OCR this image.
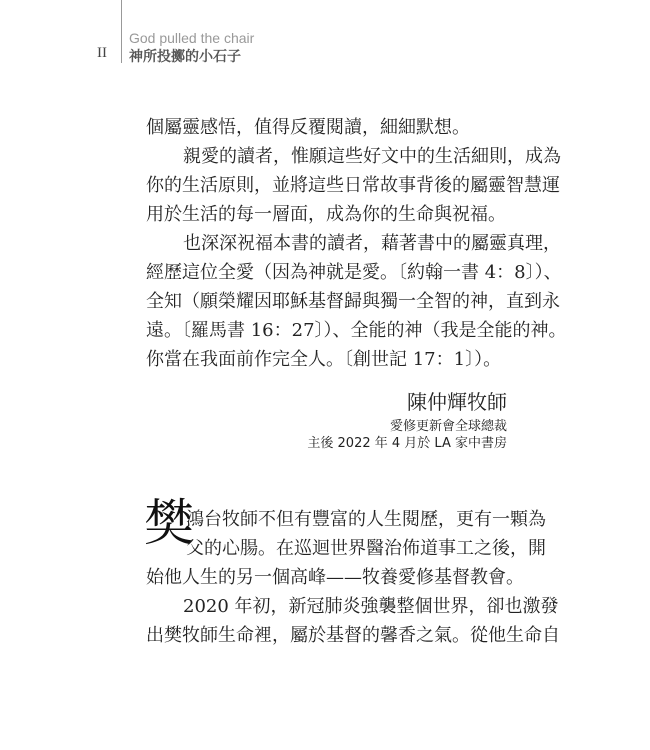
II
God pulled the chair
神所投擲的小石子
個屬靈感悟，值得反覆閱讀，細細默想。
親愛的讀者，惟願這些好文中的生活細則，成為
你的生活原則，並將這些日常故事背後的屬靈智慧運
用於生活的每一層面，成為你的生命與祝福。
也深深祝福本書的讀者，藉著書中的屬靈真理，
經歷這位全愛（因為神就是愛。〔約翰一書 4：8〕）、
全知（願榮耀因耶穌基督歸與獨一全智的神，直到永
遠。〔羅馬書 16：27〕）、全能的神（我是全能的神。
你當在我面前作完全人。〔創世記 17：1〕）。
陳仲輝牧師
愛修更新會全球總裁
主後 2022 年 4 月於 LA 家中書房
樊
鴻台牧師不但有豐富的人生閱歷，更有一顆為
父的心腸。在巡迴世界醫治佈道事工之後，開
始他人生的另一個高峰——牧養愛修基督教會。
2020 年初，新冠肺炎強襲整個世界，卻也激發
出樊牧師生命裡，屬於基督的馨香之氣。從他生命自
